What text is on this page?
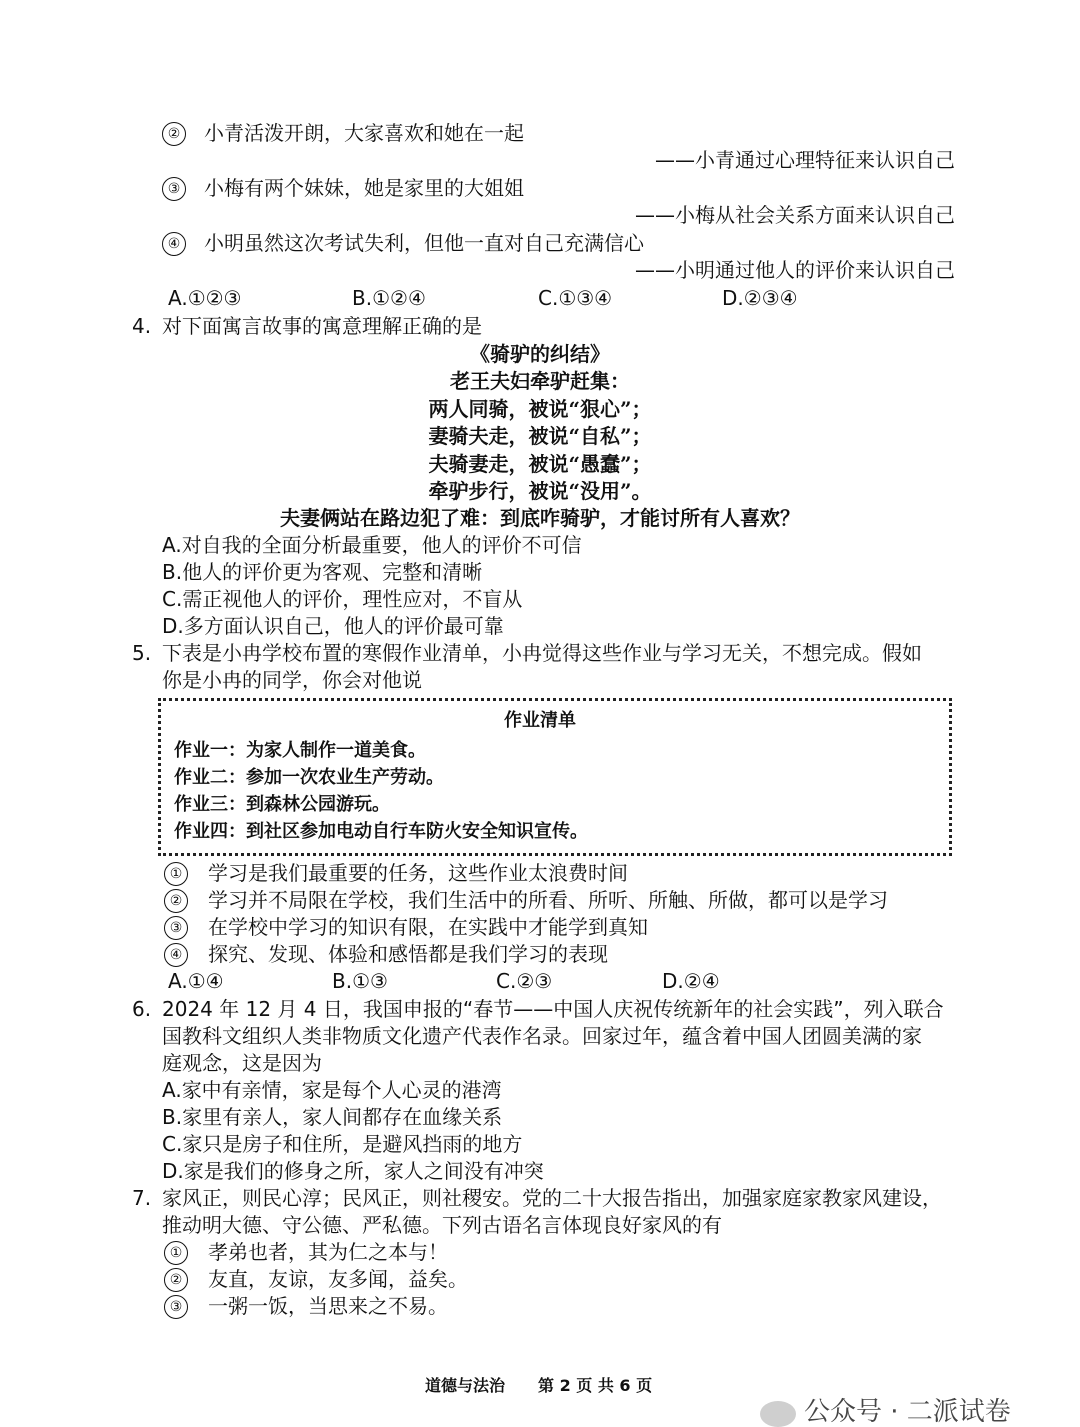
② 小青活泼开朗，大家喜欢和她在一起
——小青通过心理特征来认识自己
③ 小梅有两个妹妹，她是家里的大姐姐
——小梅从社会关系方面来认识自己
④ 小明虽然这次考试失利，但他一直对自己充满信心
——小明通过他人的评价来认识自己
A.①②③	B.①②④	C.①③④	D.②③④
4. 对下面寓言故事的寓意理解正确的是
《骑驴的纠结》
老王夫妇牵驴赶集：
两人同骑，被说“狠心”；
妻骑夫走，被说“自私”；
夫骑妻走，被说“愚蠢”；
牵驴步行，被说“没用”。
夫妻俩站在路边犯了难：到底咋骑驴，才能讨所有人喜欢？
A.对自我的全面分析最重要，他人的评价不可信
B.他人的评价更为客观、完整和清晰
C.需正视他人的评价，理性应对，不盲从
D.多方面认识自己，他人的评价最可靠
5. 下表是小冉学校布置的寒假作业清单，小冉觉得这些作业与学习无关，不想完成。假如
你是小冉的同学，你会对他说
作业清单
作业一：为家人制作一道美食。
作业二：参加一次农业生产劳动。
作业三：到森林公园游玩。
作业四：到社区参加电动自行车防火安全知识宣传。
① 学习是我们最重要的任务，这些作业太浪费时间
② 学习并不局限在学校，我们生活中的所看、所听、所触、所做，都可以是学习
③ 在学校中学习的知识有限，在实践中才能学到真知
④ 探究、发现、体验和感悟都是我们学习的表现
A.①④	B.①③	C.②③	D.②④
6. 2024 年 12 月 4 日，我国申报的“春节——中国人庆祝传统新年的社会实践”，列入联合
国教科文组织人类非物质文化遗产代表作名录。回家过年，蕴含着中国人团圆美满的家
庭观念，这是因为
A.家中有亲情，家是每个人心灵的港湾
B.家里有亲人，家人间都存在血缘关系
C.家只是房子和住所，是避风挡雨的地方
D.家是我们的修身之所，家人之间没有冲突
7. 家风正，则民心淳；民风正，则社稷安。党的二十大报告指出，加强家庭家教家风建设，
推动明大德、守公德、严私德。下列古语名言体现良好家风的有
① 孝弟也者，其为仁之本与！
② 友直，友谅，友多闻，益矣。
③ 一粥一饭，当思来之不易。
道德与法治 第 2 页 共 6 页
公众号 · 二派试卷
